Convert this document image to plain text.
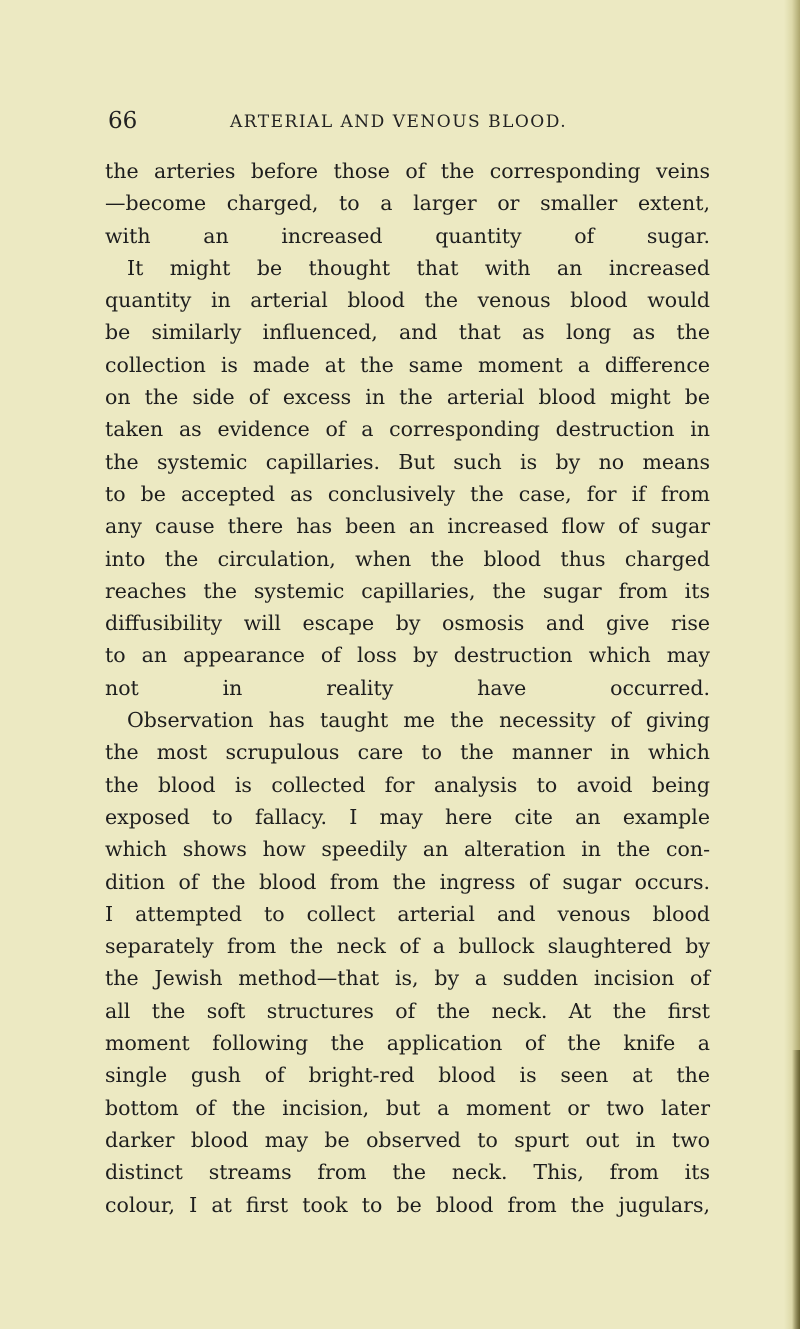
66	ARTERIAL AND VENOUS BLOOD.
the arteries before those of the corresponding veins
—become charged, to a larger or smaller extent,
with an increased quantity of sugar.
It might be thought that with an increased
quantity in arterial blood the venous blood would
be similarly influenced, and that as long as the
collection is made at the same moment a difference
on the side of excess in the arterial blood might be
taken as evidence of a corresponding destruction in
the systemic capillaries. But such is by no means
to be accepted as conclusively the case, for if from
any cause there has been an increased flow of sugar
into the circulation, when the blood thus charged
reaches the systemic capillaries, the sugar from its
diffusibility will escape by osmosis and give rise
to an appearance of loss by destruction which may
not in reality have occurred.
Observation has taught me the necessity of giving
the most scrupulous care to the manner in which
the blood is collected for analysis to avoid being
exposed to fallacy. I may here cite an example
which shows how speedily an alteration in the con-
dition of the blood from the ingress of sugar occurs.
I attempted to collect arterial and venous blood
separately from the neck of a bullock slaughtered by
the Jewish method—that is, by a sudden incision of
all the soft structures of the neck. At the first
moment following the application of the knife a
single gush of bright-red blood is seen at the
bottom of the incision, but a moment or two later
darker blood may be observed to spurt out in two
distinct streams from the neck. This, from its
colour, I at first took to be blood from the jugulars,
